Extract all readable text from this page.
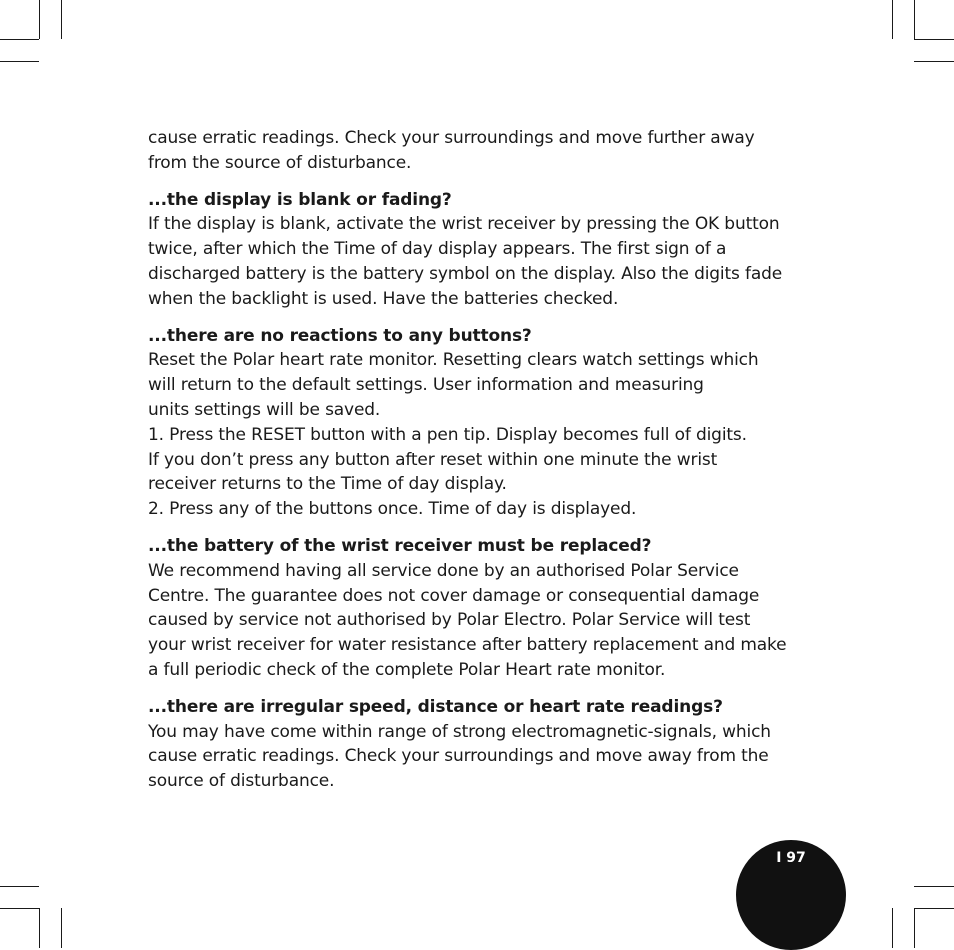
cause erratic readings. Check your surroundings and move further away

from the source of disturbance.

...the display is blank or fading?

If the display is blank, activate the wrist receiver by pressing the OK button

twice, after which the Time of day display appears. The first sign of a

discharged battery is the battery symbol on the display. Also the digits fade

when the backlight is used. Have the batteries checked.

...there are no reactions to any buttons?

Reset the Polar heart rate monitor. Resetting clears watch settings which

will return to the default settings. User information and measuring

units settings will be saved.

1. Press the RESET button with a pen tip. Display becomes full of digits.

If you don’t press any button after reset within one minute the wrist

receiver returns to the Time of day display.

2. Press any of the buttons once. Time of day is displayed.

...the battery of the wrist receiver must be replaced?

We recommend having all service done by an authorised Polar Service

Centre. The guarantee does not cover damage or consequential damage

caused by service not authorised by Polar Electro. Polar Service will test

your wrist receiver for water resistance after battery replacement and make

a full periodic check of the complete Polar Heart rate monitor.

...there are irregular speed, distance or heart rate readings?

You may have come within range of strong electromagnetic-signals, which

cause erratic readings. Check your surroundings and move away from the

source of disturbance.

I 97
